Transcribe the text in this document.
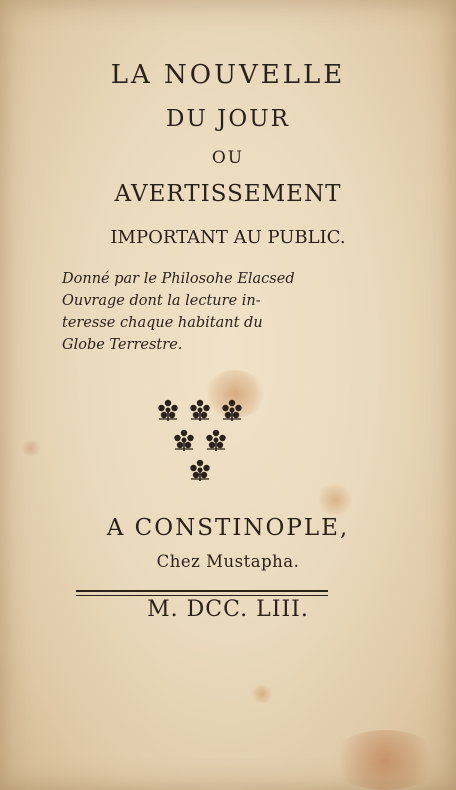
LA NOUVELLE
DU JOUR
OU
AVERTISSEMENT
IMPORTANT AU PUBLIC.
Donné par le Philosohe Elacsed
Ouvrage dont la lecture in-
teresse chaque habitant du
Globe Terrestre.
A CONSTINOPLE,
Chez Mustapha.
M. DCC. LIII.
